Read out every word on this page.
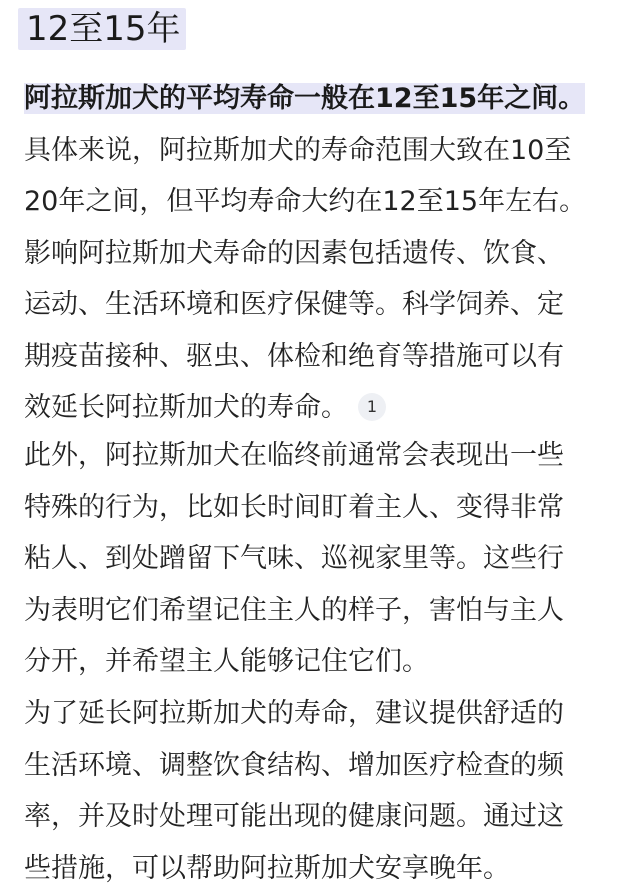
12至15年
阿拉斯加犬的平均寿命一般在12至15年之间。
具体来说，阿拉斯加犬的寿命范围大致在10至
20年之间，但平均寿命大约在12至15年左右。
影响阿拉斯加犬寿命的因素包括遗传、饮食、
运动、生活环境和医疗保健等。科学饲养、定
期疫苗接种、驱虫、体检和绝育等措施可以有
效延长阿拉斯加犬的寿命。 1
此外，阿拉斯加犬在临终前通常会表现出一些
特殊的行为，比如长时间盯着主人、变得非常
粘人、到处蹭留下气味、巡视家里等。这些行
为表明它们希望记住主人的样子，害怕与主人
分开，并希望主人能够记住它们。
为了延长阿拉斯加犬的寿命，建议提供舒适的
生活环境、调整饮食结构、增加医疗检查的频
率，并及时处理可能出现的健康问题。通过这
些措施，可以帮助阿拉斯加犬安享晚年。
